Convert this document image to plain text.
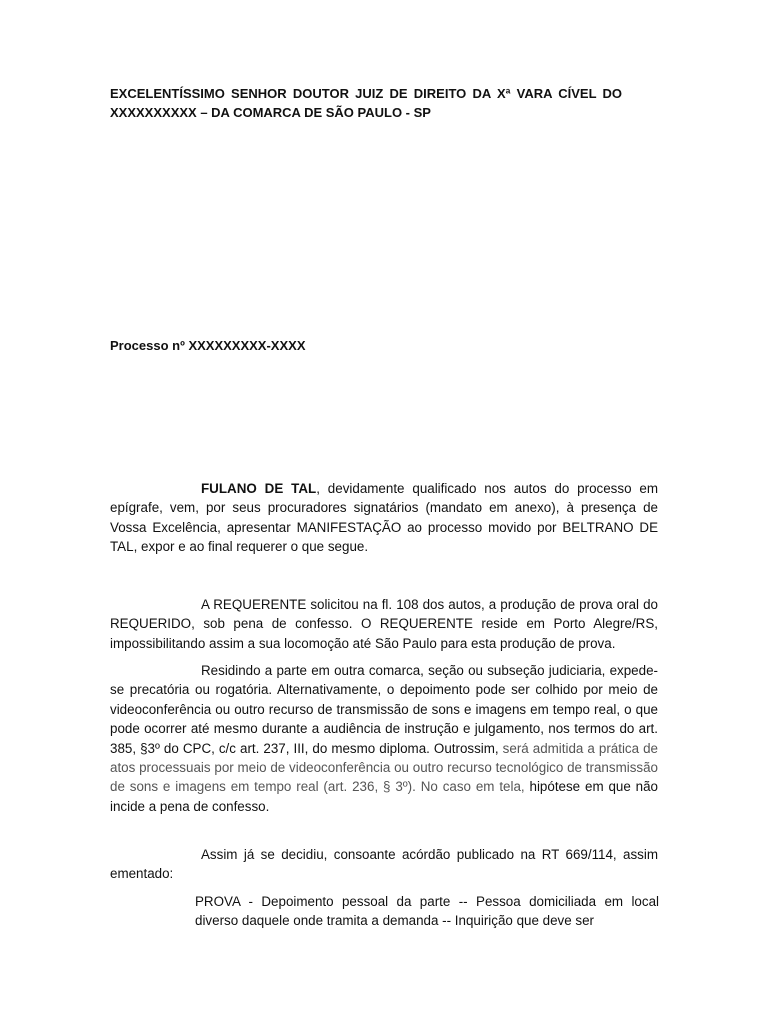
EXCELENTÍSSIMO SENHOR DOUTOR JUIZ DE DIREITO DA Xª VARA CÍVEL DO XXXXXXXXXX – DA COMARCA DE SÃO PAULO - SP

Processo nº XXXXXXXXX-XXXX

FULANO DE TAL, devidamente qualificado nos autos do processo em epígrafe, vem, por seus procuradores signatários (mandato em anexo), à presença de Vossa Excelência, apresentar MANIFESTAÇÃO ao processo movido por BELTRANO DE TAL, expor e ao final requerer o que segue.

A REQUERENTE solicitou na fl. 108 dos autos, a produção de prova oral do REQUERIDO, sob pena de confesso. O REQUERENTE reside em Porto Alegre/RS, impossibilitando assim a sua locomoção até São Paulo para esta produção de prova.

Residindo a parte em outra comarca, seção ou subseção judiciaria, expede-se precatória ou rogatória. Alternativamente, o depoimento pode ser colhido por meio de videoconferência ou outro recurso de transmissão de sons e imagens em tempo real, o que pode ocorrer até mesmo durante a audiência de instrução e julgamento, nos termos do art. 385, §3º do CPC, c/c art. 237, III, do mesmo diploma. Outrossim, será admitida a prática de atos processuais por meio de videoconferência ou outro recurso tecnológico de transmissão de sons e imagens em tempo real (art. 236, § 3º). No caso em tela, hipótese em que não incide a pena de confesso.

Assim já se decidiu, consoante acórdão publicado na RT 669/114, assim ementado:

PROVA - Depoimento pessoal da parte -- Pessoa domiciliada em local diverso daquele onde tramita a demanda -- Inquirição que deve ser
